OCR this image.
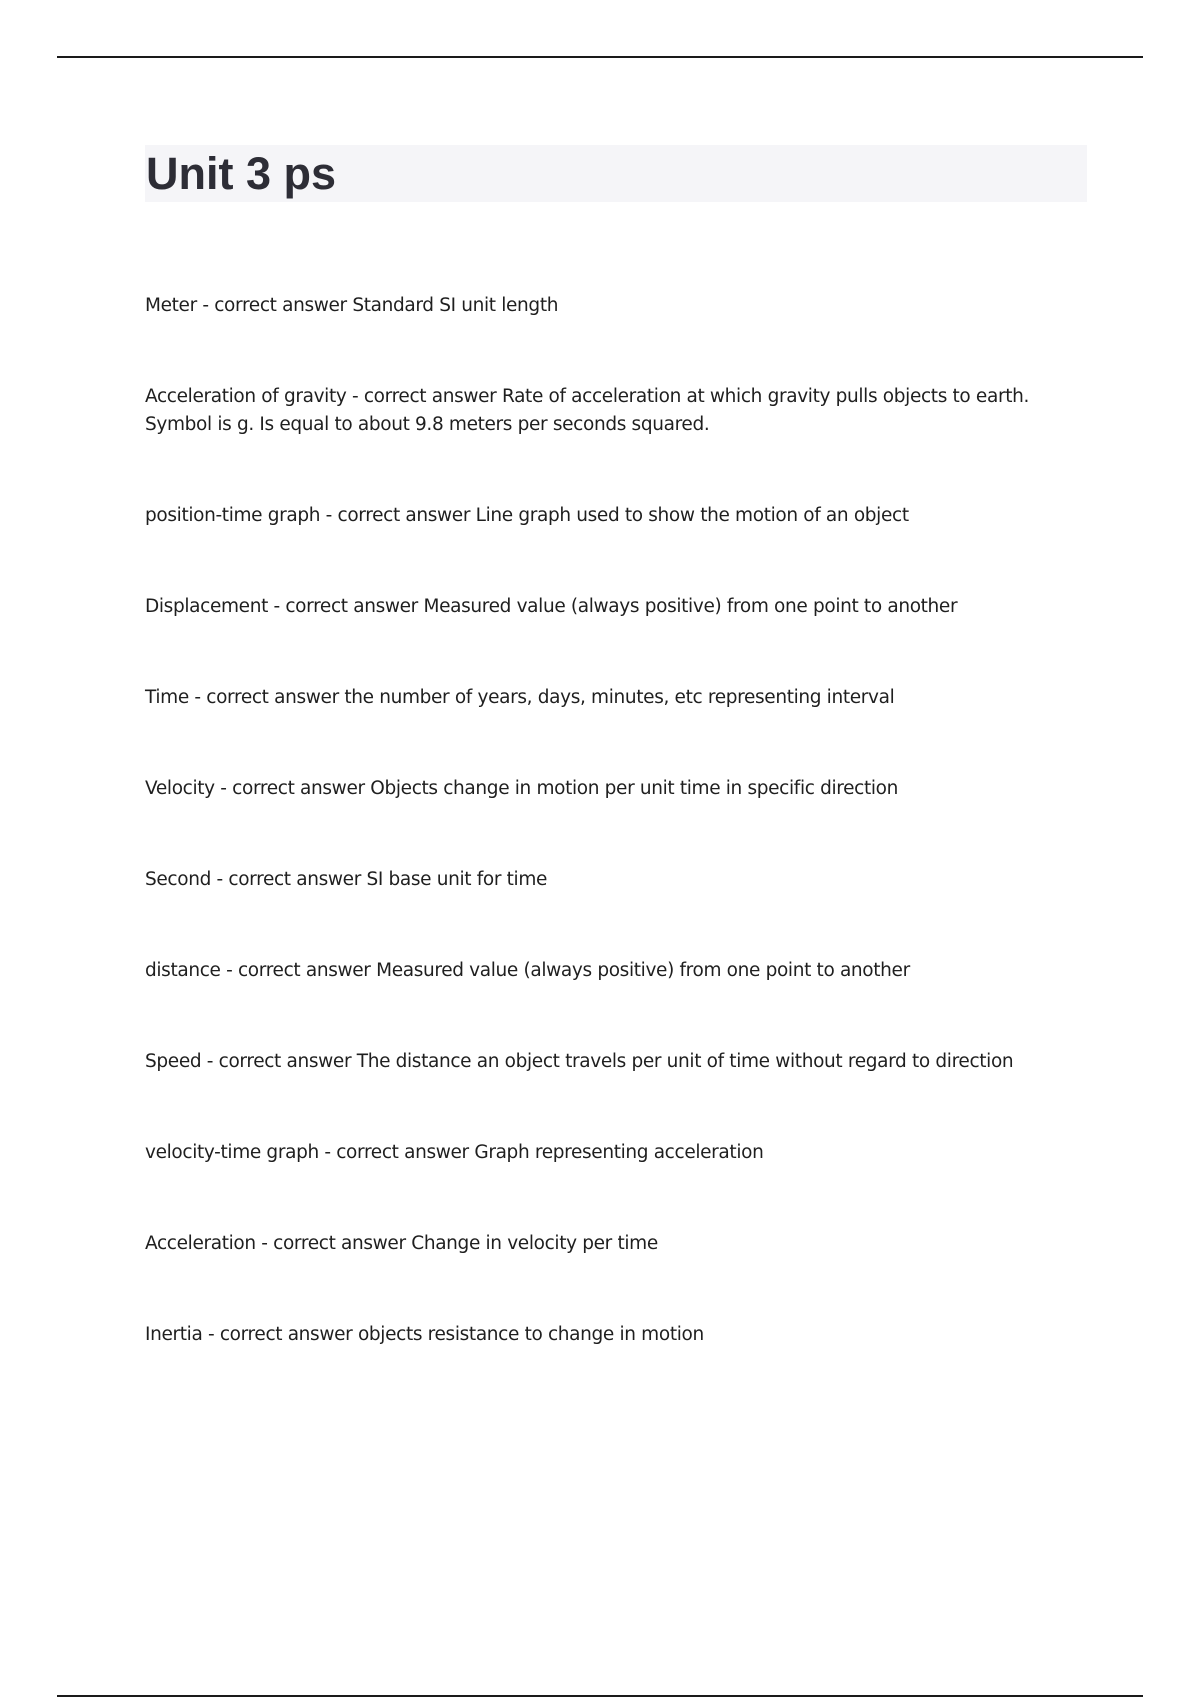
Unit 3 ps
Meter - correct answer Standard SI unit length
Acceleration of gravity - correct answer Rate of acceleration at which gravity pulls objects to earth. Symbol is g. Is equal to about 9.8 meters per seconds squared.
position-time graph - correct answer Line graph used to show the motion of an object
Displacement - correct answer Measured value (always positive) from one point to another
Time - correct answer the number of years, days, minutes, etc representing interval
Velocity - correct answer Objects change in motion per unit time in specific direction
Second - correct answer SI base unit for time
distance - correct answer Measured value (always positive) from one point to another
Speed - correct answer The distance an object travels per unit of time without regard to direction
velocity-time graph - correct answer Graph representing acceleration
Acceleration - correct answer Change in velocity per time
Inertia - correct answer objects resistance to change in motion
